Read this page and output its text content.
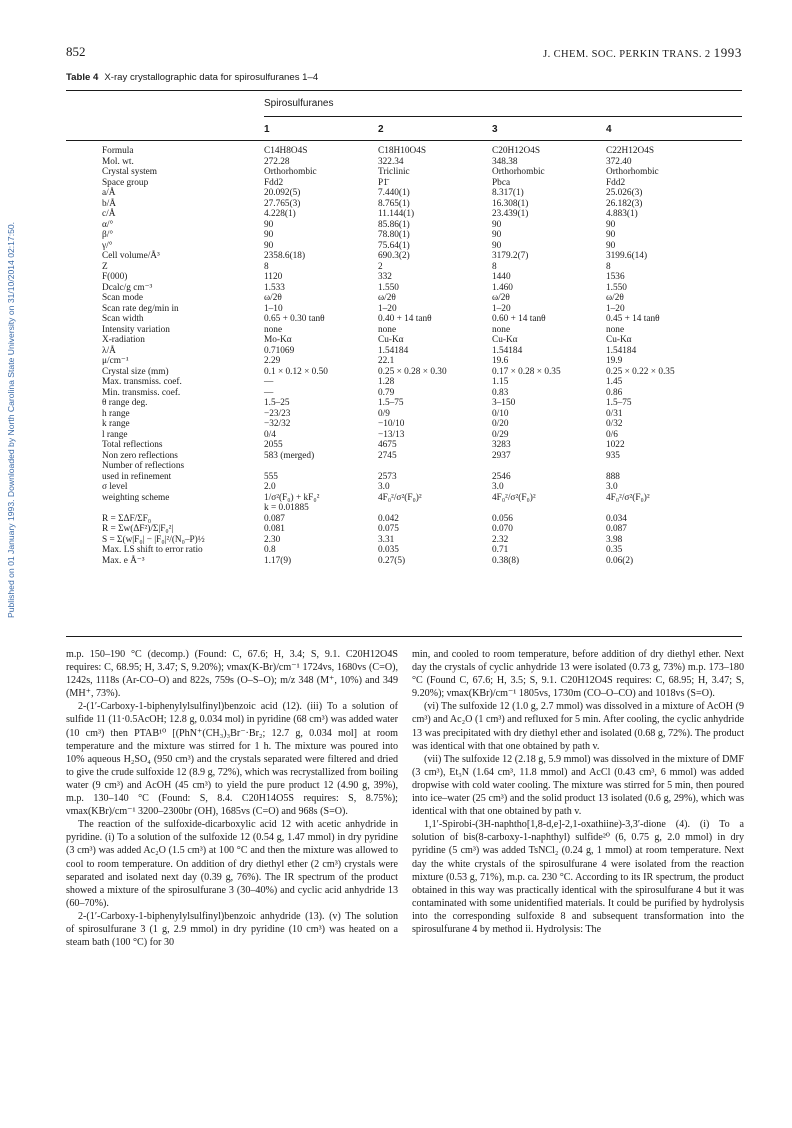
Published on 01 January 1993. Downloaded by North Carolina State University on 31/10/2014 02:17:50.
852	J. CHEM. SOC. PERKIN TRANS. 2 1993
Table 4 X-ray crystallographic data for spirosulfuranes 1–4
Spirosulfuranes
1	2	3	4
Formula	C14H8O4S	C18H10O4S	C20H12O4S	C22H12O4S
Mol. wt.	272.28	322.34	348.38	372.40
Crystal system	Orthorhombic	Triclinic	Orthorhombic	Orthorhombic
Space group	Fdd2	P1̄	Pbca	Fdd2
a/Å	20.092(5)	7.440(1)	8.317(1)	25.026(3)
b/Å	27.765(3)	8.765(1)	16.308(1)	26.182(3)
c/Å	4.228(1)	11.144(1)	23.439(1)	4.883(1)
α/°	90	85.86(1)	90	90
β/°	90	78.80(1)	90	90
γ/°	90	75.64(1)	90	90
Cell volume/Å³	2358.6(18)	690.3(2)	3179.2(7)	3199.6(14)
Z	8	2	8	8
F(000)	1120	332	1440	1536
Dcalc/g cm⁻³	1.533	1.550	1.460	1.550
Scan mode	ω/2θ	ω/2θ	ω/2θ	ω/2θ
Scan rate deg/min in	1–10	1–20	1–20	1–20
Scan width	0.65 + 0.30 tanθ	0.40 + 14 tanθ	0.60 + 14 tanθ	0.45 + 14 tanθ
Intensity variation	none	none	none	none
X-radiation	Mo-Kα	Cu-Kα	Cu-Kα	Cu-Kα
λ/Å	0.71069	1.54184	1.54184	1.54184
μ/cm⁻¹	2.29	22.1	19.6	19.9
Crystal size (mm)	0.1 × 0.12 × 0.50	0.25 × 0.28 × 0.30	0.17 × 0.28 × 0.35	0.25 × 0.22 × 0.35
Max. transmiss. coef.	—	1.28	1.15	1.45
Min. transmiss. coef.	—	0.79	0.83	0.86
θ range deg.	1.5–25	1.5–75	3–150	1.5–75
h range	−23/23	0/9	0/10	0/31
k range	−32/32	−10/10	0/20	0/32
l range	0/4	−13/13	0/29	0/6
Total reflections	2055	4675	3283	1022
Non zero reflections	583 (merged)	2745	2937	935
Number of reflections				
used in refinement	555	2573	2546	888
σ level	2.0	3.0	3.0	3.0
weighting scheme	1/σ²(F₀) + kF₀²	4F₀²/σ²(F₀)²	4F₀²/σ²(F₀)²	4F₀²/σ²(F₀)²
	k = 0.01885			
R = ΣΔF/ΣF₀	0.087	0.042	0.056	0.034
R = Σw(ΔF²)/Σ|F₀²|	0.081	0.075	0.070	0.087
S = Σ(w|F₀| − |F₀|²/(N₀–P)½	2.30	3.31	2.32	3.98
Max. LS shift to error ratio	0.8	0.035	0.71	0.35
Max. e Å⁻³	1.17(9)	0.27(5)	0.38(8)	0.06(2)

m.p. 150–190 °C (decomp.) (Found: C, 67.6; H, 3.4; S, 9.1. C20H12O4S requires: C, 68.95; H, 3.47; S, 9.20%); νmax(K-Br)/cm⁻¹ 1724vs, 1680vs (C=O), 1242s, 1118s (Ar-CO–O) and 822s, 759s (O–S–O); m/z 348 (M⁺, 10%) and 349 (MH⁺, 73%).

2-(1′-Carboxy-1-biphenylylsulfinyl)benzoic acid (12). (iii) To a solution of sulfide 11 (11·0.5AcOH; 12.8 g, 0.034 mol) in pyridine (68 cm³) was added water (10 cm³) then PTAB¹⁰ [(PhN⁺(CH₃)₃Br⁻·Br₂; 12.7 g, 0.034 mol] at room temperature and the mixture was stirred for 1 h. The mixture was poured into 10% aqueous H₂SO₄ (950 cm³) and the crystals separated were filtered and dried to give the crude sulfoxide 12 (8.9 g, 72%), which was recrystallized from boiling water (9 cm³) and AcOH (45 cm³) to yield the pure product 12 (4.90 g, 39%), m.p. 130–140 °C (Found: S, 8.4. C20H14O5S requires: S, 8.75%); νmax(KBr)/cm⁻¹ 3200–2300br (OH), 1685vs (C=O) and 968s (S=O).

The reaction of the sulfoxide-dicarboxylic acid 12 with acetic anhydride in pyridine. (i) To a solution of the sulfoxide 12 (0.54 g, 1.47 mmol) in dry pyridine (3 cm³) was added Ac₂O (1.5 cm³) at 100 °C and then the mixture was allowed to cool to room temperature. On addition of dry diethyl ether (2 cm³) crystals were separated and isolated next day (0.39 g, 76%). The IR spectrum of the product showed a mixture of the spirosulfurane 3 (30–40%) and cyclic acid anhydride 13 (60–70%).

2-(1′-Carboxy-1-biphenylylsulfinyl)benzoic anhydride (13). (v) The solution of spirosulfurane 3 (1 g, 2.9 mmol) in dry pyridine (10 cm³) was heated on a steam bath (100 °C) for 30

min, and cooled to room temperature, before addition of dry diethyl ether. Next day the crystals of cyclic anhydride 13 were isolated (0.73 g, 73%) m.p. 173–180 °C (Found C, 67.6; H, 3.5; S, 9.1. C20H12O4S requires: C, 68.95; H, 3.47; S, 9.20%); νmax(KBr)/cm⁻¹ 1805vs, 1730m (CO–O–CO) and 1018vs (S=O).

(vi) The sulfoxide 12 (1.0 g, 2.7 mmol) was dissolved in a mixture of AcOH (9 cm³) and Ac₂O (1 cm³) and refluxed for 5 min. After cooling, the cyclic anhydride 13 was precipitated with dry diethyl ether and isolated (0.68 g, 72%). The product was identical with that one obtained by path v.

(vii) The sulfoxide 12 (2.18 g, 5.9 mmol) was dissolved in the mixture of DMF (3 cm³), Et₃N (1.64 cm³, 11.8 mmol) and AcCl (0.43 cm³, 6 mmol) was added dropwise with cold water cooling. The mixture was stirred for 5 min, then poured into ice–water (25 cm³) and the solid product 13 isolated (0.6 g, 29%), which was identical with that one obtained by path v.

1,1′-Spirobi-(3H-naphtho[1,8-d,e]-2,1-oxathiine)-3,3′-dione (4). (i) To a solution of bis(8-carboxy-1-naphthyl) sulfide²⁰ (6, 0.75 g, 2.0 mmol) in dry pyridine (5 cm³) was added TsNCl₂ (0.24 g, 1 mmol) at room temperature. Next day the white crystals of the spirosulfurane 4 were isolated from the reaction mixture (0.53 g, 71%), m.p. ca. 230 °C. According to its IR spectrum, the product obtained in this way was practically identical with the spirosulfurane 4 but it was contaminated with some unidentified materials. It could be purified by hydrolysis into the corresponding sulfoxide 8 and subsequent transformation into the spirosulfurane 4 by method ii. Hydrolysis: The
